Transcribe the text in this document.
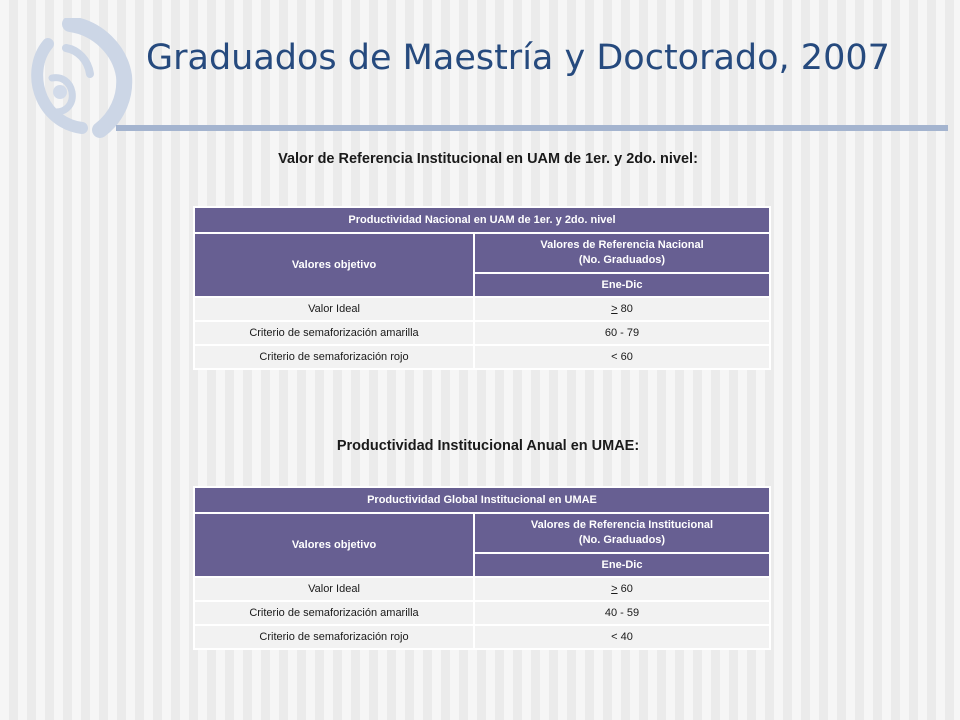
Graduados de Maestría y Doctorado, 2007
Valor de Referencia Institucional en UAM de 1er. y 2do. nivel:
Productividad Nacional en UAM de 1er. y 2do. nivel	
Valores objetivo	Valores de Referencia Nacional
(No. Graduados)
	Ene-Dic
Valor Ideal	≥ 80
Criterio de semaforización amarilla	60 - 79
Criterio de semaforización rojo	< 60
Productividad Institucional Anual en UMAE:
Productividad Global Institucional en UMAE	
Valores objetivo	Valores de Referencia Institucional
(No. Graduados)
	Ene-Dic
Valor Ideal	≥ 60
Criterio de semaforización amarilla	40 - 59
Criterio de semaforización rojo	< 40
